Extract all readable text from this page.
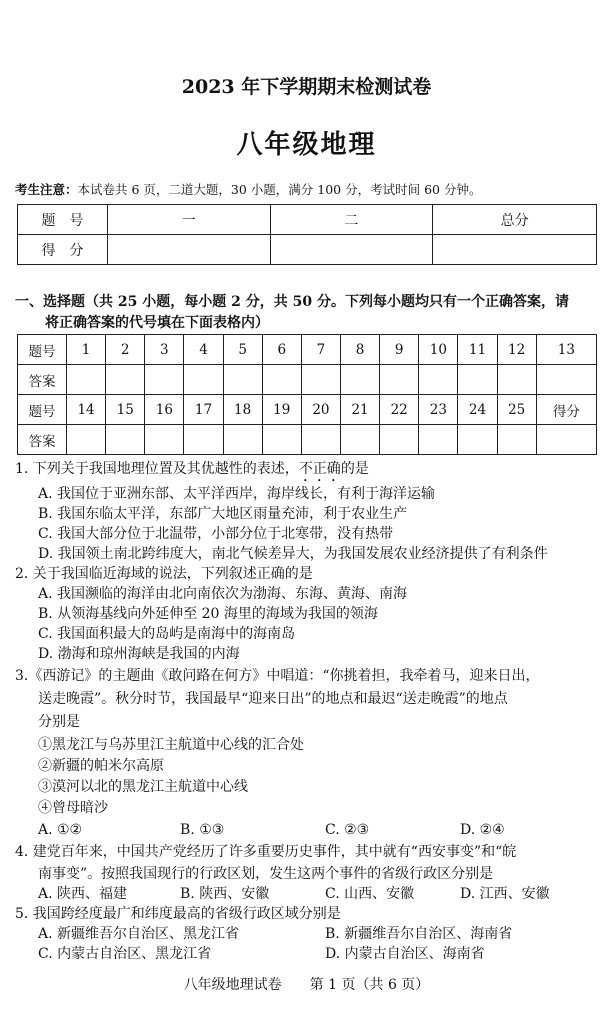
2023 年下学期期末检测试卷
八年级地理
考生注意：本试卷共 6 页，二道大题，30 小题，满分 100 分，考试时间 60 分钟。
题　号	一	二	总分
得　分			
一、选择题（共 25 小题，每小题 2 分，共 50 分。下列每小题均只有一个正确答案，请
将正确答案的代号填在下面表格内）
题号	1	2	3	4	5	6	7	8	9	10	11	12	13
答案													
题号	14	15	16	17	18	19	20	21	22	23	24	25	得分
答案													
1. 下列关于我国地理位置及其优越性的表述，不正确的是
A. 我国位于亚洲东部、太平洋西岸，海岸线长，有利于海洋运输
B. 我国东临太平洋，东部广大地区雨量充沛，利于农业生产
C. 我国大部分位于北温带，小部分位于北寒带，没有热带
D. 我国领土南北跨纬度大，南北气候差异大，为我国发展农业经济提供了有利条件
2. 关于我国临近海域的说法，下列叙述正确的是
A. 我国濒临的海洋由北向南依次为渤海、东海、黄海、南海
B. 从领海基线向外延伸至 20 海里的海域为我国的领海
C. 我国面积最大的岛屿是南海中的海南岛
D. 渤海和琼州海峡是我国的内海
3.《西游记》的主题曲《敢问路在何方》中唱道：“你挑着担，我牵着马，迎来日出，
送走晚霞”。秋分时节，我国最早“迎来日出”的地点和最迟“送走晚霞”的地点
分别是
①黑龙江与乌苏里江主航道中心线的汇合处
②新疆的帕米尔高原
③漠河以北的黑龙江主航道中心线
④曾母暗沙
A. ①②	B. ①③	C. ②③	D. ②④
4. 建党百年来，中国共产党经历了许多重要历史事件，其中就有“西安事变”和“皖
南事变”。按照我国现行的行政区划，发生这两个事件的省级行政区分别是
A. 陕西、福建	B. 陕西、安徽	C. 山西、安徽	D. 江西、安徽
5. 我国跨经度最广和纬度最高的省级行政区域分别是
A. 新疆维吾尔自治区、黑龙江省	B. 新疆维吾尔自治区、海南省
C. 内蒙古自治区、黑龙江省	D. 内蒙古自治区、海南省
八年级地理试卷　　第 1 页（共 6 页）
